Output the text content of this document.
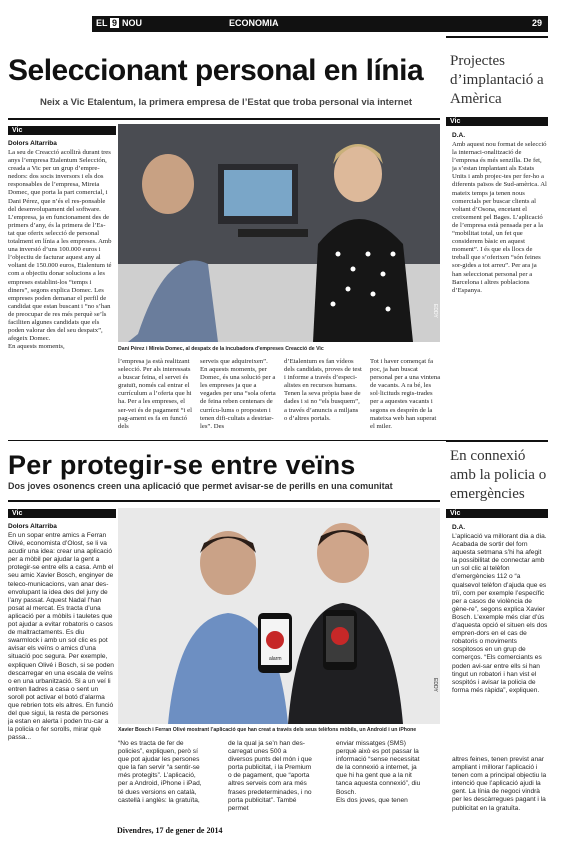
EL 9 NOU	ECONOMIA	29
Seleccionant personal en línia
Neix a Vic Etalentum, la primera empresa de l’Estat que troba personal via internet
Vic
Dolors Altarriba
La seu de Creacció acollirà durant tres anys l’empresa Etalentum Selección, creada a Vic per un grup d’empre-nedors: dos socis inversors i els dos responsables de l’empresa, Mireia Domec, que porta la part comercial, i Dani Pérez, que n’és el res-ponsable del desenvolupament del software. L’empresa, ja en funcionament des de primers d’any, és la primera de l’Es-tat que oferix selecció de personal totalment en línia a les empreses. Amb una inversió d’uns 100.000 euros i l’objectiu de facturar aquest any al voltant de 150.000 euros, Etalentum té com a objectiu donar solucions a les empreses establint-los “temps i diners”, segons explica Domec. Les empreses poden demanar el perfil de candidat que estan buscant i “no s’han de preocupar de res més perquè se’ls faciliten algunes candidats que els poden valorar des del seu despatx”, afegeix Domec.
En aquests moments,
EDDY
Dani Pérez i Mireia Domec, al despatx de la incubadora d’empreses Creacció de Vic
l’empresa ja està realitzant selecció. Per als interessats a buscar feina, el servei és gratuït, només cal entrar el currículum a l’oferta que hi ha. Per a les empreses, el ser-vei és de pagament “i el pag-ament es fa en funció dels
serveis que adquireixen”.
En aquests moments, per Domec, és una solució per a les empreses ja que a vegades per una “sola oferta de feina reben centenars de currícu-lums o proposten i tenen difi-cultats a destriar-les”. Des
d’Etalentum es fan vídeos dels candidats, proves de test i informe a través d’especi-alistes en recursos humans. Tenen la seva pròpia base de dades i si no “els busquem”, a través d’anuncis a miljans o d’altres portals.
Tot i haver començat fa poc, ja han buscat personal per a una vintena de vacants. A ra bé, les sol·licituds regis-trades per a aquestes vacants i segons es desprèn de la mateixa web han superat el miler.
Projectes d’implantació a Amèrica
Vic
D.A.
Amb aquest nou format de selecció la internaci-onalització de l’empresa és més senzilla. De fet, ja s’estan implantant als Estats Units i amb projec-tes per fer-ho a diferents països de Sud-amèrica. Al mateix temps ja tenen nous comercials per buscar clients al voltant d’Osona, encetant el creixement pel Bages. L’aplicació de l’empresa està pensada per a la “mobilitat total, un fet que considerem bàsic en aquest moment”. I és que els llocs de treball que s’oferixen “són feines sor-gides a tot arreu”. Per ara ja han seleccionat personal per a Barcelona i altres poblacions d’Espanya.
Per protegir-se entre veïns
Dos joves osonencs creen una aplicació que permet avisar-se de perills en una comunitat
Vic
Dolors Altarriba
En un sopar entre amics a Ferran Olivé, economista d’Olost, se li va acudir una idea: crear una aplicació per a mòbil per ajudar la gent a protegir-se entre ells a casa. Amb el seu amic Xavier Bosch, enginyer de teleco-municacions, van anar des-envolupant la idea des del juny de l’any passat. Aquest Nadal l’han posat al mercat. Es tracta d’una aplicació per a mòbils i tauletes que pot ajudar a evitar robatoris o casos de maltractaments. Es diu swarmlock i amb un sol clic es pot avisar els veïns o amics d’una situació poc segura. Per exemple, expliquen Olivé i Bosch, si se poden descarregar en una escala de veïns o en una urbanització. Si a un veí li entren lladres a casa o sent un soroll pot activar el botó d’alarma que rebrien tots els altres. En funció del que sigui, la resta de persones ja estan en alerta i poden tru-car a la policia o fer sorolls, mirar què passa...
alarm
EDDY
Xavier Bosch i Ferran Olivé mostrant l’aplicació que han creat a través dels seus telèfons mòbils, un Android i un iPhone
“No es tracta de fer de policies”, expliquen, però sí que pot ajudar les persones que la fan servir “a sentir-se més protegits”. L’aplicació, per a Android, iPhone i iPad, té dues versions en català, castellà i anglès: la gratuïta,
de la qual ja se’n han des-carregat unes 500 a diversos punts del món i que porta publicitat, i la Premium o de pagament, que “aporta altres serveis com ara més frases predeterminades, i no porta publicitat”. També permet
enviar missatges (SMS) perquè això es pot passar la informació “sense necessitat de la connexió a internet, ja que hi ha gent que a la nit tanca aquesta connexió”, diu Bosch.
Els dos joves, que tenen
altres feines, tenen previst anar ampliant i millorar l’aplicació i tenen com a principal objectiu la intenció que l’aplicació ajudi la gent. La línia de negoci vindrà per les descàrregues pagant i la publicitat en la gratuïta.
En connexió amb la policia o emergències
Vic
D.A.
L’aplicació va millorant dia a dia. Acabada de sortir del forn aquesta setmana s’hi ha afegit la possibilitat de connectar amb un sol clic al telèfon d’emergències 112 o “a qualsevol telèfon d’ajuda que es triï, com per exemple l’específic per a casos de violència de gène-re”, segons explica Xavier Bosch. L’exemple més clar d’ús d’aquesta opció el situen els dos empren-dors en el cas de robatoris o moviments sospitosos en un grup de comerços. “Els comerciants es poden avi-sar entre ells si han tingut un robatori i han vist el sospitós i avisar la policia de forma més ràpida”, expliquen.
Divendres, 17 de gener de 2014
